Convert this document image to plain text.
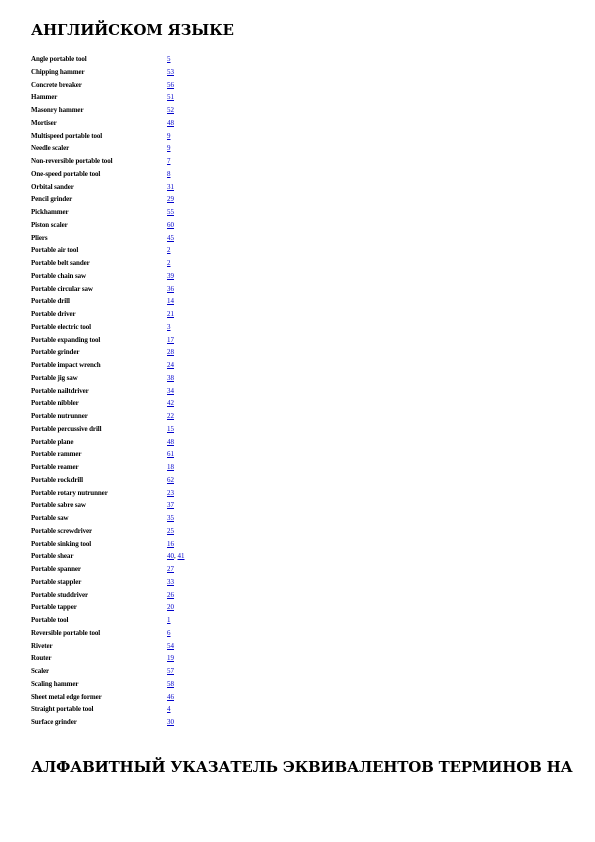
АНГЛИЙСКОМ ЯЗЫКЕ
Angle portable tool	5
Chipping hammer	53
Concrete breaker	56
Hammer	51
Masonry hammer	52
Mortiser	48
Multispeed portable tool	9
Needle scaler	9
Non-reversible portable tool	7
One-speed portable tool	8
Orbital sander	31
Pencil grinder	29
Pickhammer	55
Piston scaler	60
Pliers	45
Portable air tool	2
Portable belt sander	2
Portable chain saw	39
Portable circular saw	36
Portable drill	14
Portable driver	21
Portable electric tool	3
Portable expanding tool	17
Portable grinder	28
Portable impact wrench	24
Portable jig saw	38
Portable nailtdriver	34
Portable nibbler	42
Portable nutrunner	22
Portable percussive drill	15
Portable plane	48
Portable rammer	61
Portable reamer	18
Portable rockdrill	62
Portable rotary nutrunner	23
Portable sabre saw	37
Portable saw	35
Portable screwdriver	25
Portable sinking tool	16
Portable shear	40, 41
Portable spanner	27
Portable stappler	33
Portable studdriver	26
Portable tapper	20
Portable tool	1
Reversible portable tool	6
Riveter	54
Router	19
Scaler	57
Scaling hammer	58
Sheet metal edge former	46
Straight portable tool	4
Surface grinder	30
АЛФАВИТНЫЙ УКАЗАТЕЛЬ ЭКВИВАЛЕНТОВ ТЕРМИНОВ НА
